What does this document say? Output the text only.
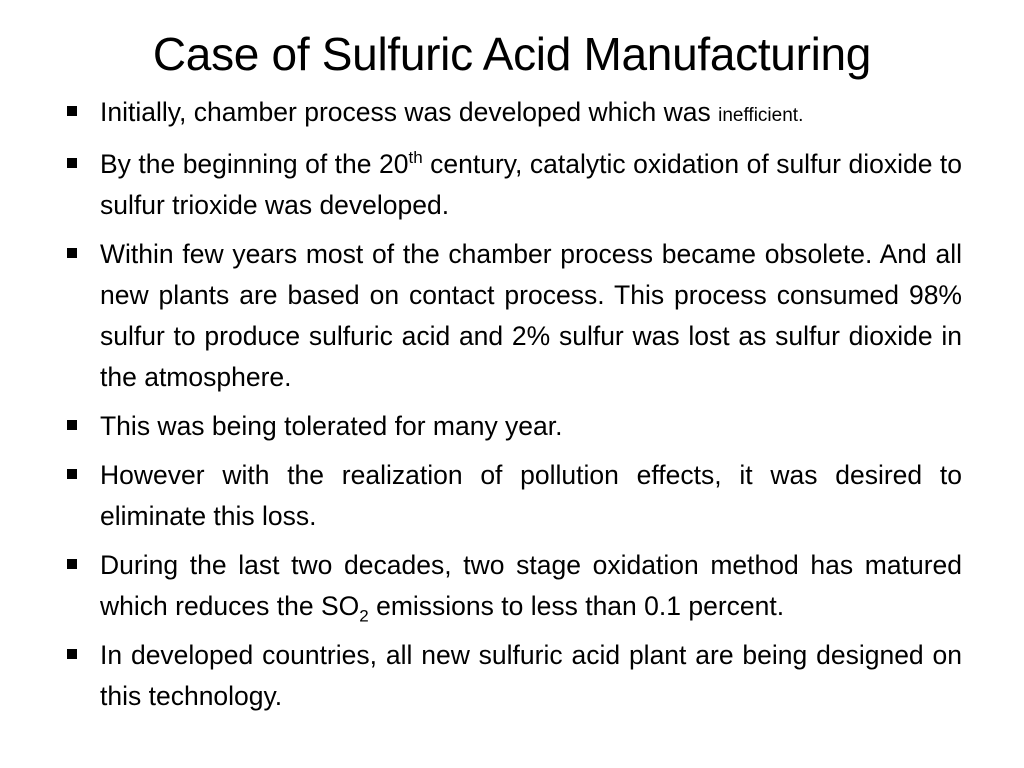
Case of Sulfuric Acid Manufacturing
Initially, chamber process was developed which was inefficient.
By the beginning of the 20th century, catalytic oxidation of sulfur dioxide to sulfur trioxide was developed.
Within few years most of the chamber process became obsolete. And all new plants are based on contact process. This process consumed 98% sulfur to produce sulfuric acid and 2% sulfur was lost as sulfur dioxide in the atmosphere.
This was being tolerated for many year.
However with the realization of pollution effects, it was desired to eliminate this loss.
During the last two decades, two stage oxidation method has matured which reduces the $SO_2$ emissions to less than 0.1 percent.
In developed countries, all new sulfuric acid plant are being designed on this technology.
